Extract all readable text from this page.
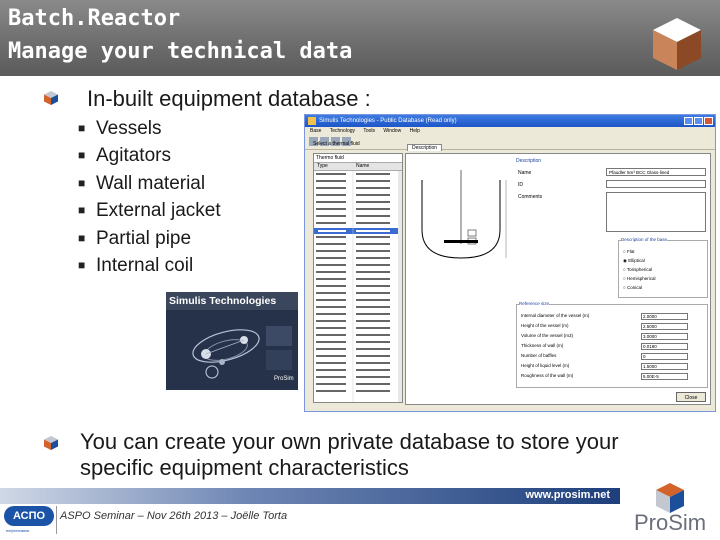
Batch.Reactor
Manage your technical data
In-built equipment database :
■ Vessels
■ Agitators
■ Wall material
■ External jacket
■ Partial pipe
■ Internal coil
Simulis Technologies
ProSim
Simulis Technologies - Public Database (Read only)
Base Technology Tools Window Help
Select a thermal fluid
Description
Thermo fluid
Type	Name
Description
Name	Pfaudler 5m³ BCC Glass-lined
ID
Comments
Description of the base
○ Flat
◉ Elliptical
○ Torispherical
○ Hemispherical
○ Conical
Reference size
Internal diameter of the vessel (m)	2.0000
Height of the vessel (m)	2.5000
Volume of the vessel (m3)	3.0000
Thickness of wall (m)	0.0190
Number of baffles	0
Height of liquid level (m)	1.5000
Roughness of the wall (m)	5.00E-5
Close
You can create your own private database to store your specific equipment characteristics
www.prosim.net
АСПО
нефтехимия
ASPO Seminar – Nov 26th 2013 – Joëlle Torta	ProSim
